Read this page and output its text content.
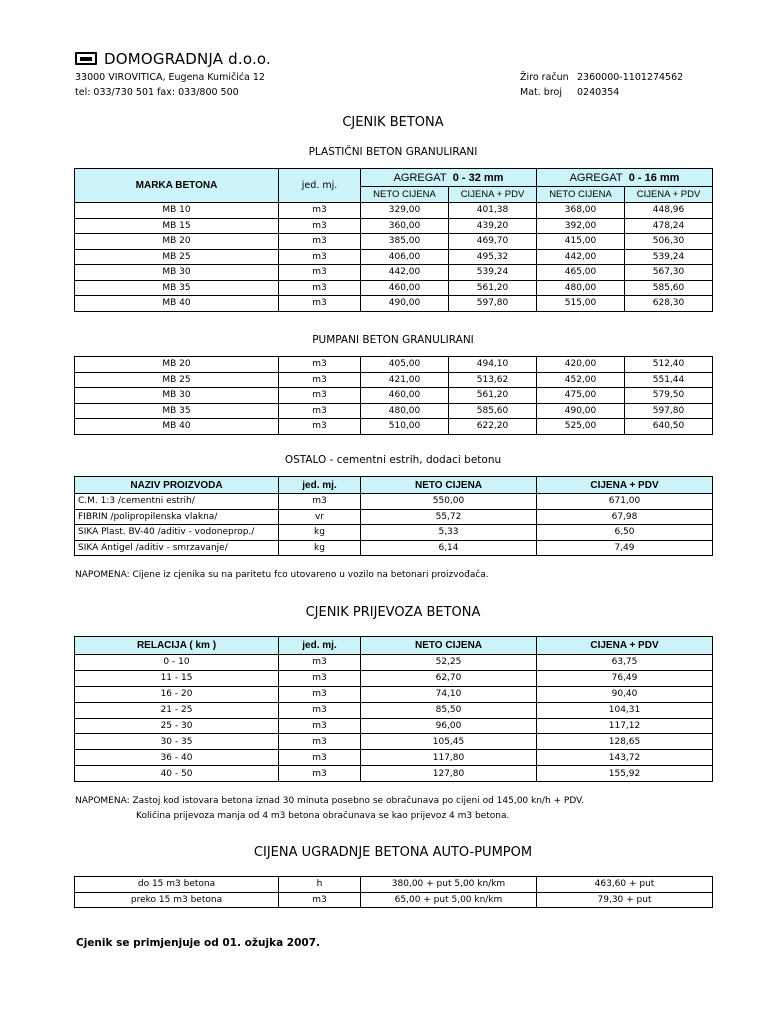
DOMOGRADNJA d.o.o.
33000 VIROVITICA, Eugena Kumičića 12
tel: 033/730 501 fax: 033/800 500
Žiro račun 2360000-1101274562
Mat. broj 0240354
CJENIK BETONA
PLASTIČNI BETON GRANULIRANI
MARKA BETONA	jed. mj.	AGREGAT 0 - 32 mm		AGREGAT 0 - 16 mm	
		NETO CIJENA	CIJENA + PDV	NETO CIJENA	CIJENA + PDV
MB 10	m3	329,00	401,38	368,00	448,96
MB 15	m3	360,00	439,20	392,00	478,24
MB 20	m3	385,00	469,70	415,00	506,30
MB 25	m3	406,00	495,32	442,00	539,24
MB 30	m3	442,00	539,24	465,00	567,30
MB 35	m3	460,00	561,20	480,00	585,60
MB 40	m3	490,00	597,80	515,00	628,30
PUMPANI BETON GRANULIRANI
MB 20	m3	405,00	494,10	420,00	512,40
MB 25	m3	421,00	513,62	452,00	551,44
MB 30	m3	460,00	561,20	475,00	579,50
MB 35	m3	480,00	585,60	490,00	597,80
MB 40	m3	510,00	622,20	525,00	640,50
OSTALO - cementni estrih, dodaci betonu
NAZIV PROIZVODA	jed. mj.	NETO CIJENA	CIJENA + PDV
C.M. 1:3 /cementni estrih/	m3	550,00	671,00
FIBRIN /polipropilenska vlakna/	vr	55,72	67,98
SIKA Plast. BV-40 /aditiv - vodoneprop./	kg	5,33	6,50
SIKA Antigel /aditiv - smrzavanje/	kg	6,14	7,49
NAPOMENA: Cijene iz cjenika su na paritetu fco utovareno u vozilo na betonari proizvođača.
CJENIK PRIJEVOZA BETONA
RELACIJA ( km )	jed. mj.	NETO CIJENA	CIJENA + PDV
0 - 10	m3	52,25	63,75
11 - 15	m3	62,70	76,49
16 - 20	m3	74,10	90,40
21 - 25	m3	85,50	104,31
25 - 30	m3	96,00	117,12
30 - 35	m3	105,45	128,65
36 - 40	m3	117,80	143,72
40 - 50	m3	127,80	155,92
NAPOMENA: Zastoj kod istovara betona iznad 30 minuta posebno se obračunava po cijeni od 145,00 kn/h + PDV.
Količina prijevoza manja od 4 m3 betona obračunava se kao prijevoz 4 m3 betona.
CIJENA UGRADNJE BETONA AUTO-PUMPOM
do 15 m3 betona	h	380,00 + put 5,00 kn/km	463,60 + put
preko 15 m3 betona	m3	65,00 + put 5,00 kn/km	79,30 + put
Cjenik se primjenjuje od 01. ožujka 2007.
